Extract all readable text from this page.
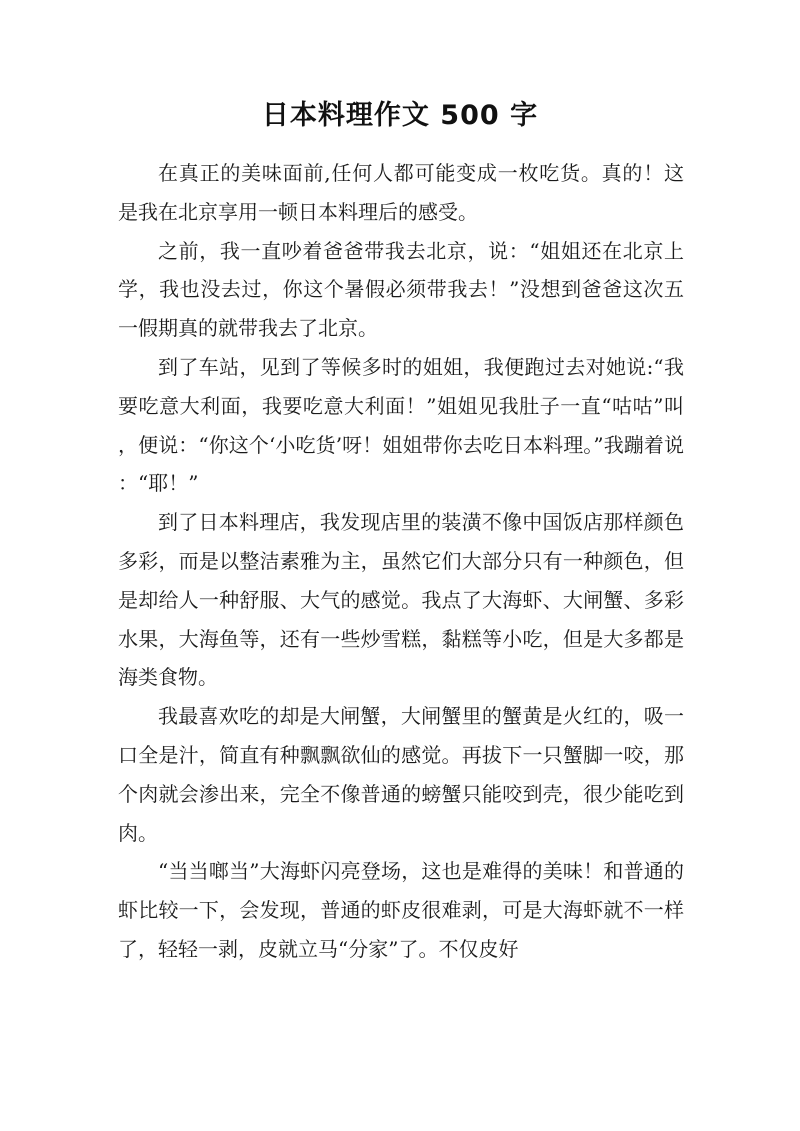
日本料理作文 500 字

在真正的美味面前,任何人都可能变成一枚吃货。真的！这是我在北京享用一顿日本料理后的感受。

之前，我一直吵着爸爸带我去北京，说：“姐姐还在北京上学，我也没去过，你这个暑假必须带我去！”没想到爸爸这次五一假期真的就带我去了北京。

到了车站，见到了等候多时的姐姐，我便跑过去对她说:“我要吃意大利面，我要吃意大利面！”姐姐见我肚子一直“咕咕”叫，便说：“你这个‘小吃货’呀！姐姐带你去吃日本料理。”我蹦着说：“耶！”

到了日本料理店，我发现店里的装潢不像中国饭店那样颜色多彩，而是以整洁素雅为主，虽然它们大部分只有一种颜色，但是却给人一种舒服、大气的感觉。我点了大海虾、大闸蟹、多彩水果，大海鱼等，还有一些炒雪糕，黏糕等小吃，但是大多都是海类食物。

我最喜欢吃的却是大闸蟹，大闸蟹里的蟹黄是火红的，吸一口全是汁，简直有种飘飘欲仙的感觉。再拔下一只蟹脚一咬，那个肉就会渗出来，完全不像普通的螃蟹只能咬到壳，很少能吃到肉。

“当当啷当”大海虾闪亮登场，这也是难得的美味！和普通的虾比较一下，会发现，普通的虾皮很难剥，可是大海虾就不一样了，轻轻一剥，皮就立马“分家”了。不仅皮好
